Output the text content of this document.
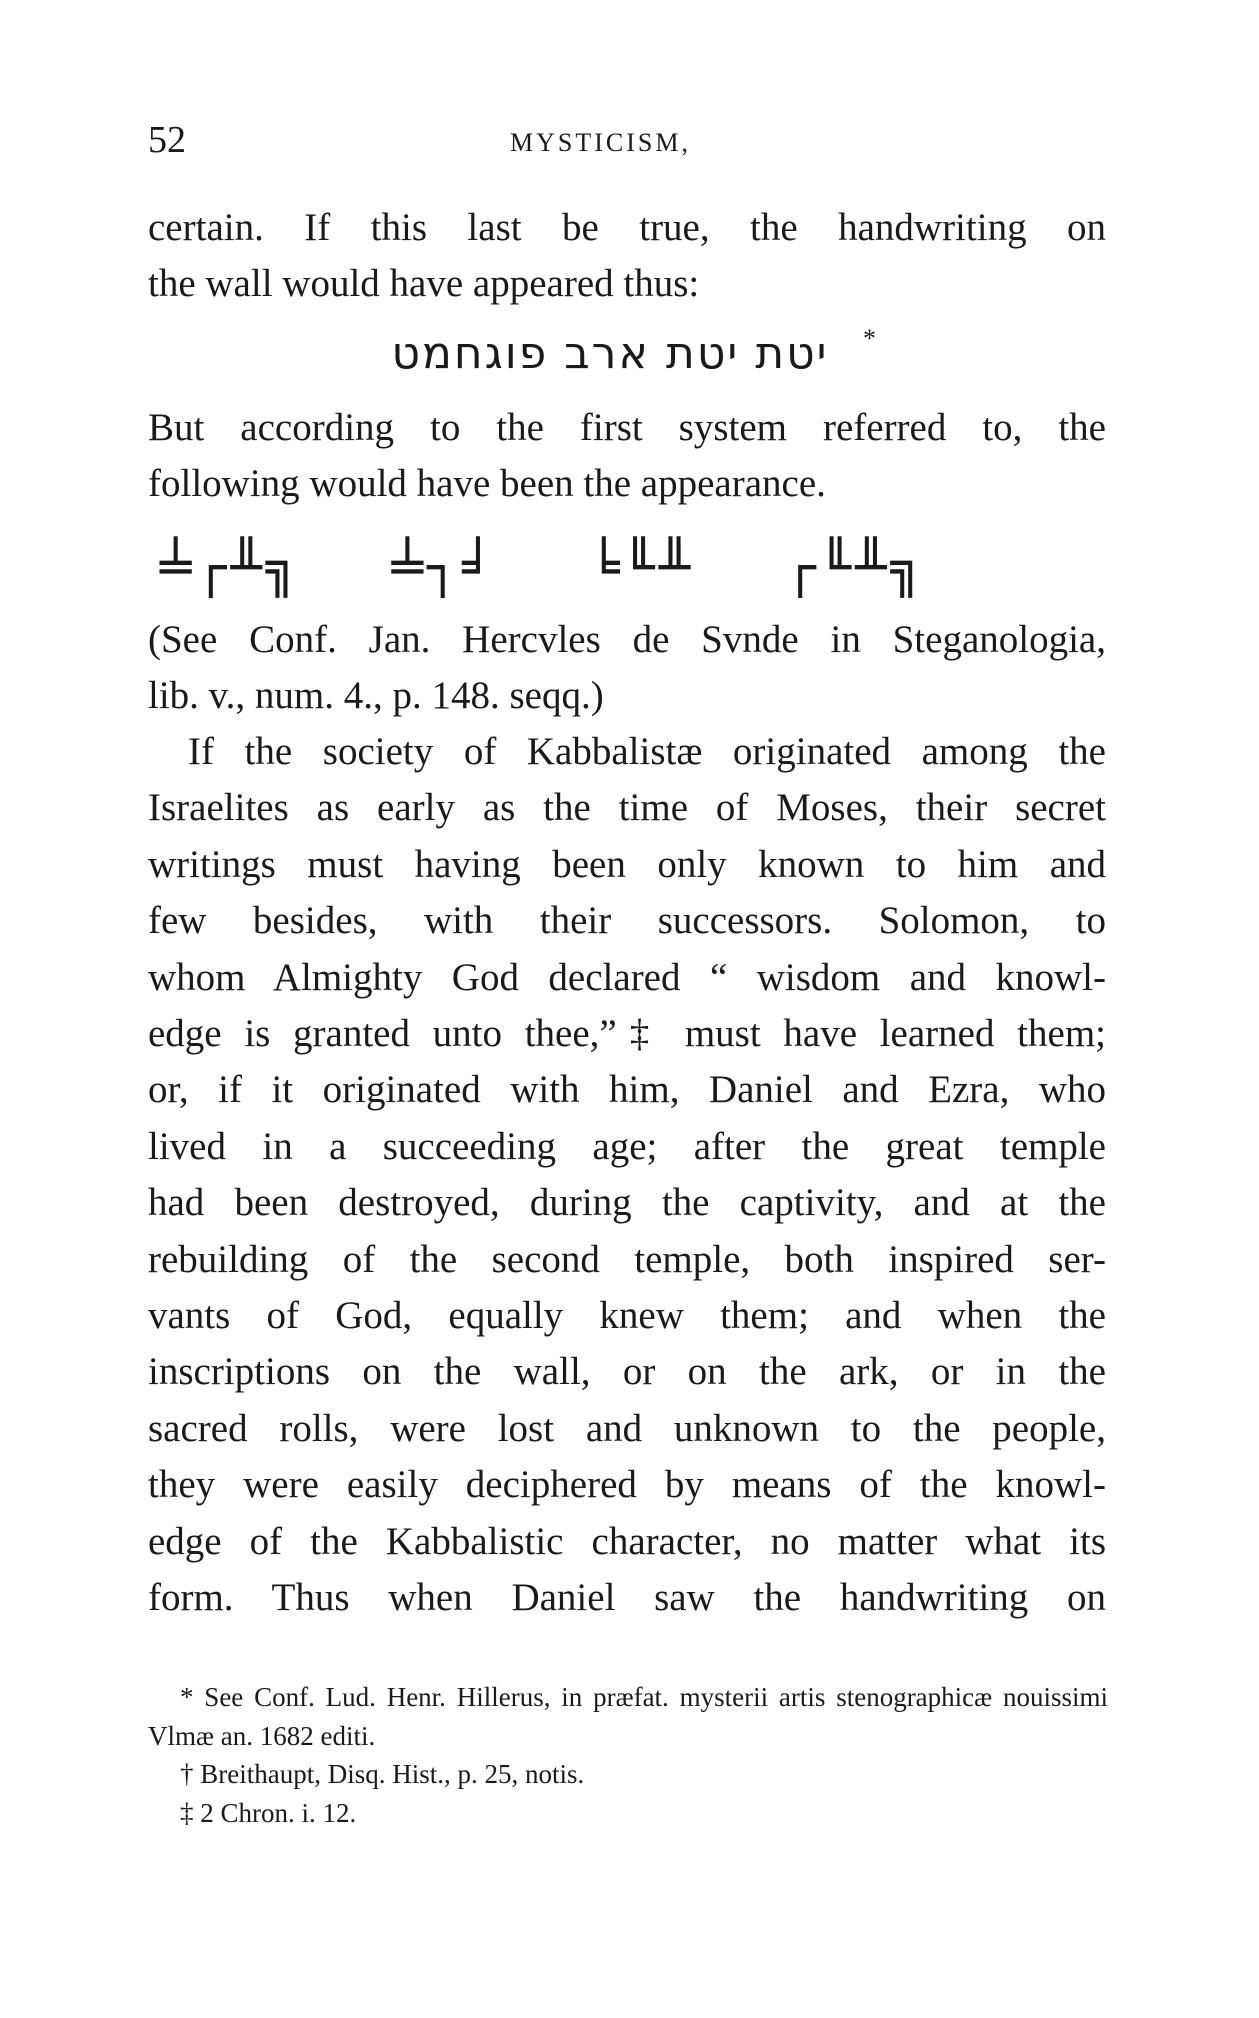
52	MYSTICISM,
certain. If this last be true, the handwriting on
the wall would have appeared thus:
יטת יטת ארב פוגחמט	*
But according to the first system referred to, the
following would have been the appearance.
╧┌╨╗ ╧┐╛ ╘╙╨ ┌╙╨╗
(See Conf. Jan. Hercvles de Svnde in Steganologia,
lib. v., num. 4., p. 148. seqq.)
If the society of Kabbalistæ originated among the
Israelites as early as the time of Moses, their secret
writings must having been only known to him and
few besides, with their successors. Solomon, to
whom Almighty God declared “ wisdom and knowl-
edge is granted unto thee,”‡ must have learned them;
or, if it originated with him, Daniel and Ezra, who
lived in a succeeding age; after the great temple
had been destroyed, during the captivity, and at the
rebuilding of the second temple, both inspired ser-
vants of God, equally knew them; and when the
inscriptions on the wall, or on the ark, or in the
sacred rolls, were lost and unknown to the people,
they were easily deciphered by means of the knowl-
edge of the Kabbalistic character, no matter what its
form. Thus when Daniel saw the handwriting on
* See Conf. Lud. Henr. Hillerus, in præfat. mysterii artis stenographicæ nouissimi Vlmæ an. 1682 editi.
† Breithaupt, Disq. Hist., p. 25, notis.
‡ 2 Chron. i. 12.
